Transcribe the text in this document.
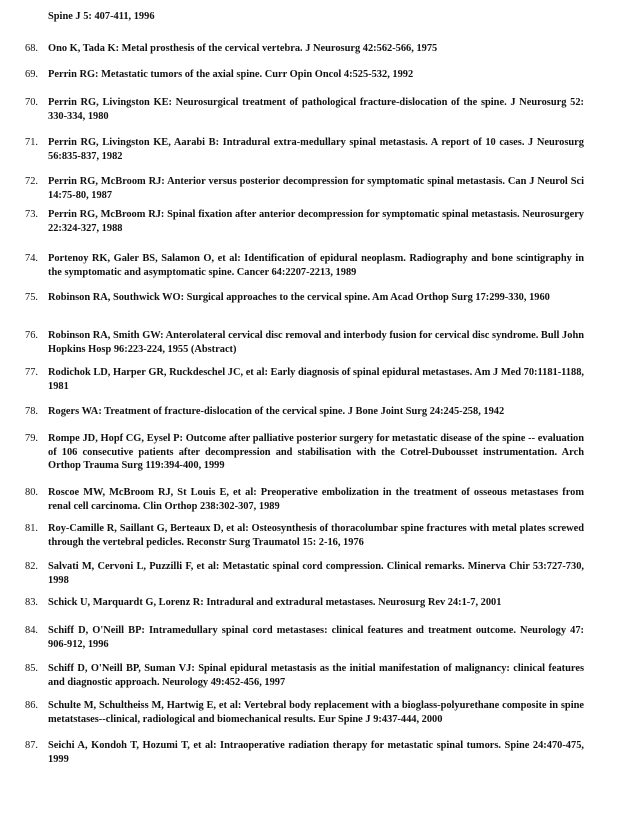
Spine J 5: 407-411, 1996
68. Ono K, Tada K: Metal prosthesis of the cervical vertebra. J Neurosurg 42:562-566, 1975
69. Perrin RG: Metastatic tumors of the axial spine. Curr Opin Oncol 4:525-532, 1992
70. Perrin RG, Livingston KE: Neurosurgical treatment of pathological fracture-dislocation of the spine. J Neurosurg 52: 330-334, 1980
71. Perrin RG, Livingston KE, Aarabi B: Intradural extra-medullary spinal metastasis. A report of 10 cases. J Neurosurg 56:835-837, 1982
72. Perrin RG, McBroom RJ: Anterior versus posterior decompression for symptomatic spinal metastasis. Can J Neurol Sci 14:75-80, 1987
73. Perrin RG, McBroom RJ: Spinal fixation after anterior decompression for symptomatic spinal metastasis. Neurosurgery 22:324-327, 1988
74. Portenoy RK, Galer BS, Salamon O, et al: Identification of epidural neoplasm. Radiography and bone scintigraphy in the symptomatic and asymptomatic spine. Cancer 64:2207-2213, 1989
75. Robinson RA, Southwick WO: Surgical approaches to the cervical spine. Am Acad Orthop Surg 17:299-330, 1960
76. Robinson RA, Smith GW: Anterolateral cervical disc removal and interbody fusion for cervical disc syndrome. Bull John Hopkins Hosp 96:223-224, 1955 (Abstract)
77. Rodichok LD, Harper GR, Ruckdeschel JC, et al: Early diagnosis of spinal epidural metastases. Am J Med 70:1181-1188, 1981
78. Rogers WA: Treatment of fracture-dislocation of the cervical spine. J Bone Joint Surg 24:245-258, 1942
79. Rompe JD, Hopf CG, Eysel P: Outcome after palliative posterior surgery for metastatic disease of the spine -- evaluation of 106 consecutive patients after decompression and stabilisation with the Cotrel-Dubousset instrumentation. Arch Orthop Trauma Surg 119:394-400, 1999
80. Roscoe MW, McBroom RJ, St Louis E, et al: Preoperative embolization in the treatment of osseous metastases from renal cell carcinoma. Clin Orthop 238:302-307, 1989
81. Roy-Camille R, Saillant G, Berteaux D, et al: Osteosynthesis of thoracolumbar spine fractures with metal plates screwed through the vertebral pedicles. Reconstr Surg Traumatol 15: 2-16, 1976
82. Salvati M, Cervoni L, Puzzilli F, et al: Metastatic spinal cord compression. Clinical remarks. Minerva Chir 53:727-730, 1998
83. Schick U, Marquardt G, Lorenz R: Intradural and extradural metastases. Neurosurg Rev 24:1-7, 2001
84. Schiff D, O'Neill BP: Intramedullary spinal cord metastases: clinical features and treatment outcome. Neurology 47: 906-912, 1996
85. Schiff D, O'Neill BP, Suman VJ: Spinal epidural metastasis as the initial manifestation of malignancy: clinical features and diagnostic approach. Neurology 49:452-456, 1997
86. Schulte M, Schultheiss M, Hartwig E, et al: Vertebral body replacement with a bioglass-polyurethane composite in spine metatstases--clinical, radiological and biomechanical results. Eur Spine J 9:437-444, 2000
87. Seichi A, Kondoh T, Hozumi T, et al: Intraoperative radiation therapy for metastatic spinal tumors. Spine 24:470-475, 1999
